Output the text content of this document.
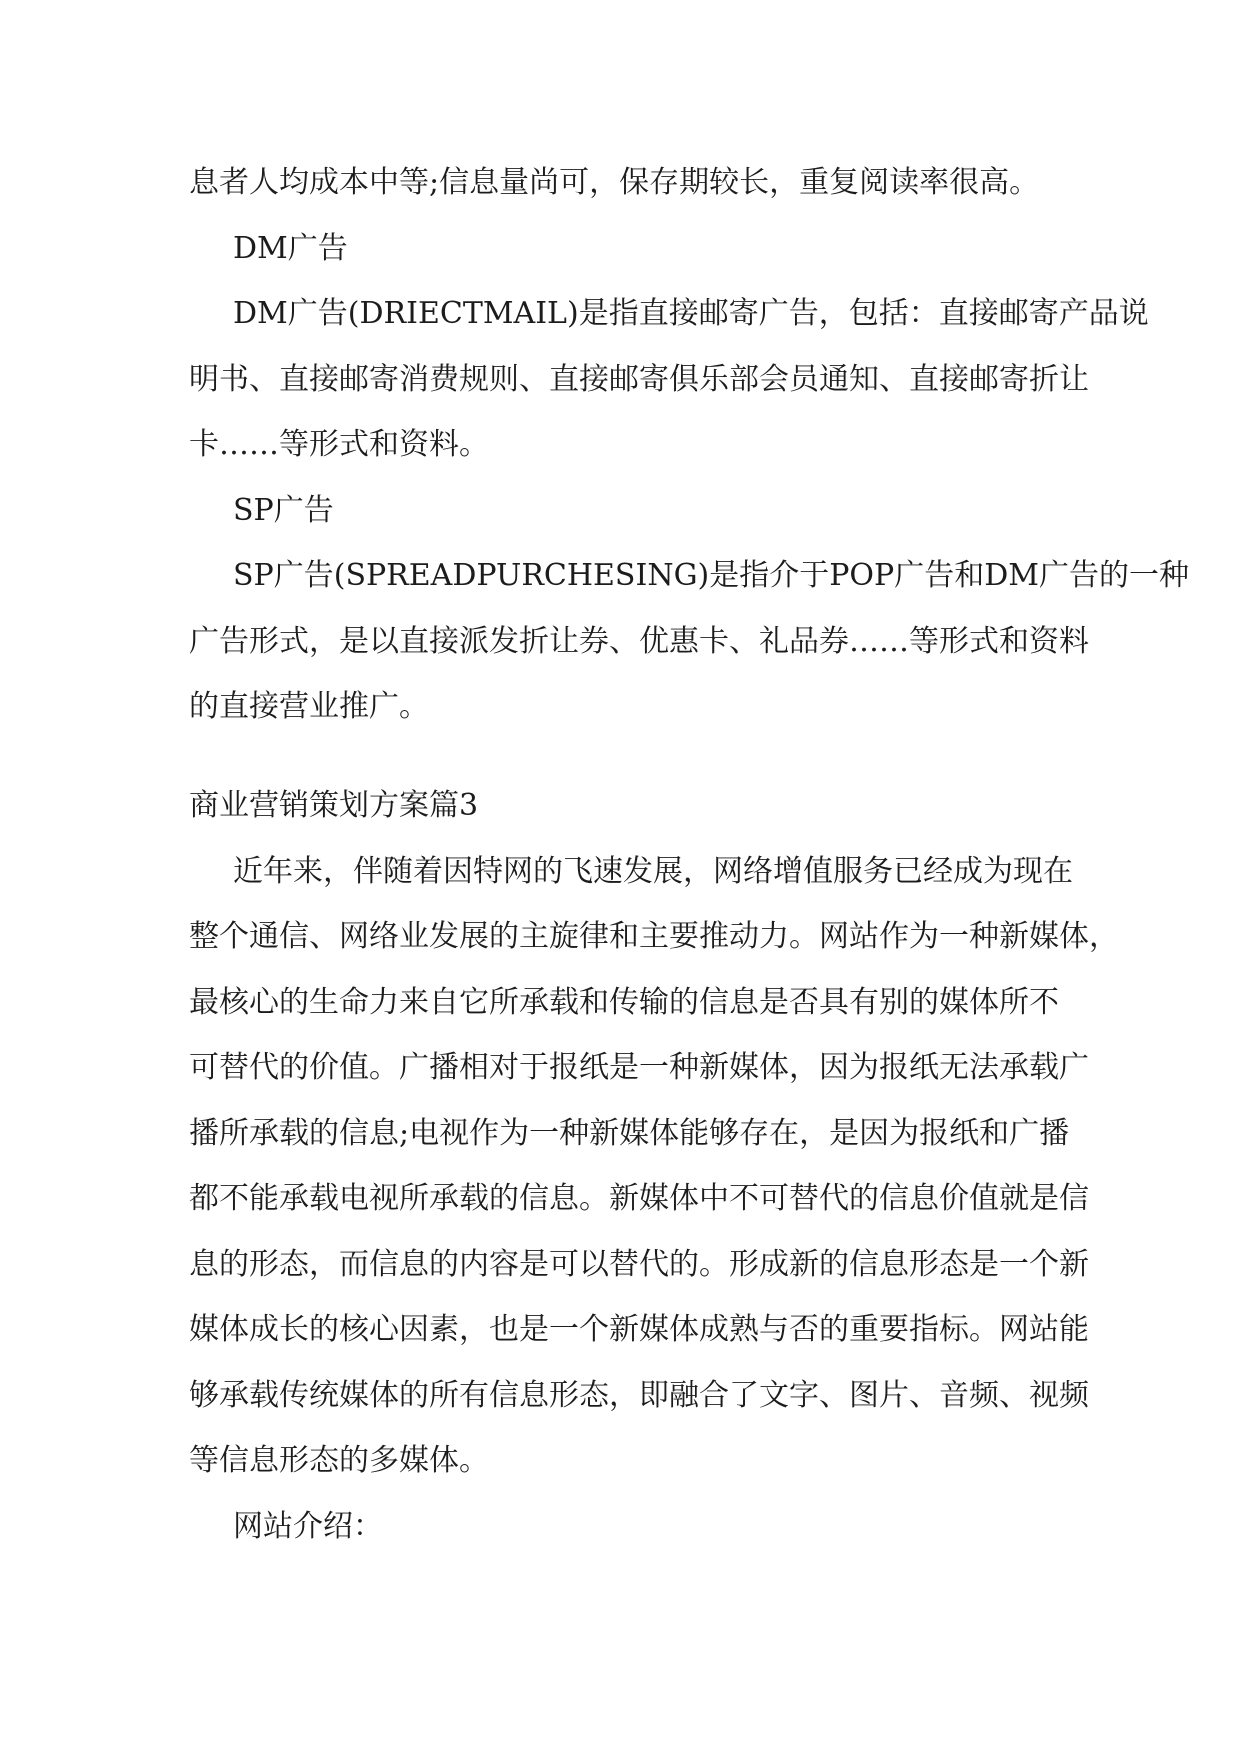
息者人均成本中等;信息量尚可，保存期较长，重复阅读率很高。
DM广告
DM广告(DRIECTMAIL)是指直接邮寄广告，包括：直接邮寄产品说
明书、直接邮寄消费规则、直接邮寄俱乐部会员通知、直接邮寄折让
卡……等形式和资料。
SP广告
SP广告(SPREADPURCHESING)是指介于POP广告和DM广告的一种
广告形式，是以直接派发折让券、优惠卡、礼品券……等形式和资料
的直接营业推广。
商业营销策划方案篇3
近年来，伴随着因特网的飞速发展，网络增值服务已经成为现在
整个通信、网络业发展的主旋律和主要推动力。网站作为一种新媒体，
最核心的生命力来自它所承载和传输的信息是否具有别的媒体所不
可替代的价值。广播相对于报纸是一种新媒体，因为报纸无法承载广
播所承载的信息;电视作为一种新媒体能够存在，是因为报纸和广播
都不能承载电视所承载的信息。新媒体中不可替代的信息价值就是信
息的形态，而信息的内容是可以替代的。形成新的信息形态是一个新
媒体成长的核心因素，也是一个新媒体成熟与否的重要指标。网站能
够承载传统媒体的所有信息形态，即融合了文字、图片、音频、视频
等信息形态的多媒体。
网站介绍：
